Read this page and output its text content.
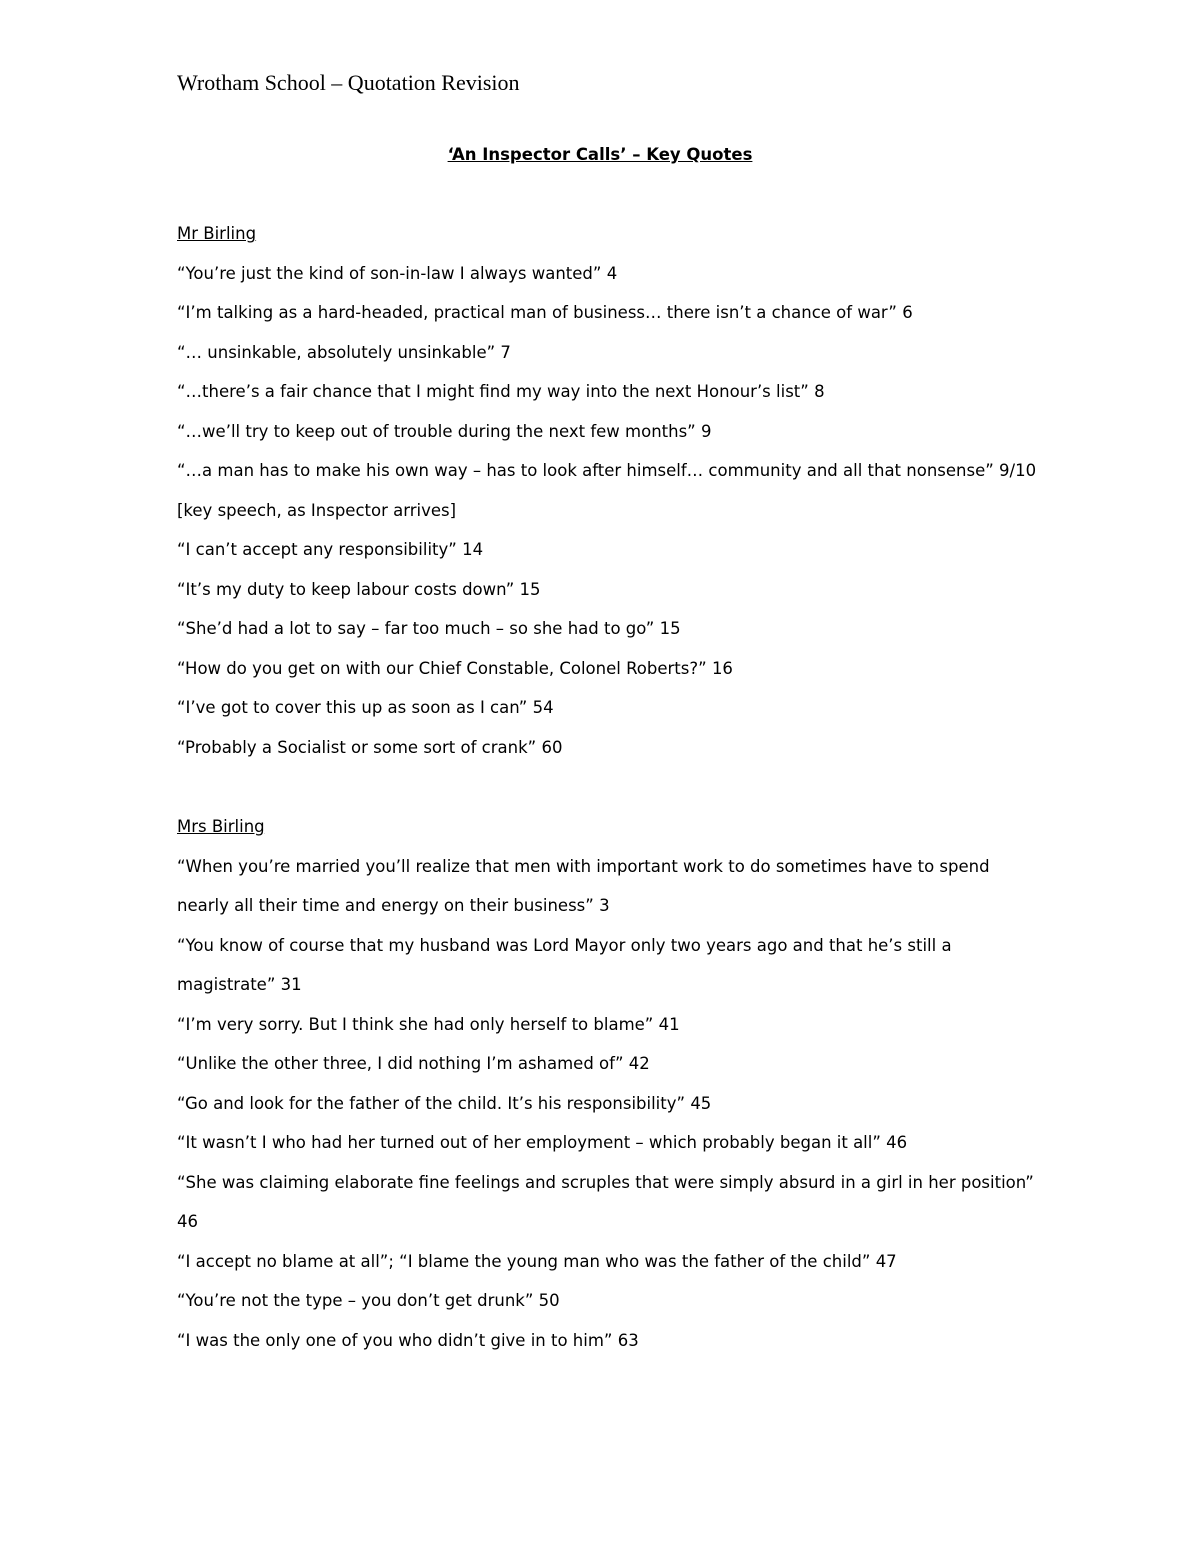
Wrotham School – Quotation Revision
‘An Inspector Calls’ – Key Quotes
Mr Birling
“You’re just the kind of son-in-law I always wanted” 4
“I’m talking as a hard-headed, practical man of business… there isn’t a chance of war” 6
“… unsinkable, absolutely unsinkable” 7
“…there’s a fair chance that I might find my way into the next Honour’s list” 8
“…we’ll try to keep out of trouble during the next few months” 9
“…a man has to make his own way – has to look after himself… community and all that nonsense” 9/10 [key speech, as Inspector arrives]
“I can’t accept any responsibility” 14
“It’s my duty to keep labour costs down” 15
“She’d had a lot to say – far too much – so she had to go” 15
“How do you get on with our Chief Constable, Colonel Roberts?” 16
“I’ve got to cover this up as soon as I can” 54
“Probably a Socialist or some sort of crank” 60
Mrs Birling
“When you’re married you’ll realize that men with important work to do sometimes have to spend nearly all their time and energy on their business” 3
“You know of course that my husband was Lord Mayor only two years ago and that he’s still a magistrate” 31
“I’m very sorry. But I think she had only herself to blame” 41
“Unlike the other three, I did nothing I’m ashamed of” 42
“Go and look for the father of the child. It’s his responsibility” 45
“It wasn’t I who had her turned out of her employment – which probably began it all” 46
“She was claiming elaborate fine feelings and scruples that were simply absurd in a girl in her position” 46
“I accept no blame at all”; “I blame the young man who was the father of the child” 47
“You’re not the type – you don’t get drunk” 50
“I was the only one of you who didn’t give in to him” 63
